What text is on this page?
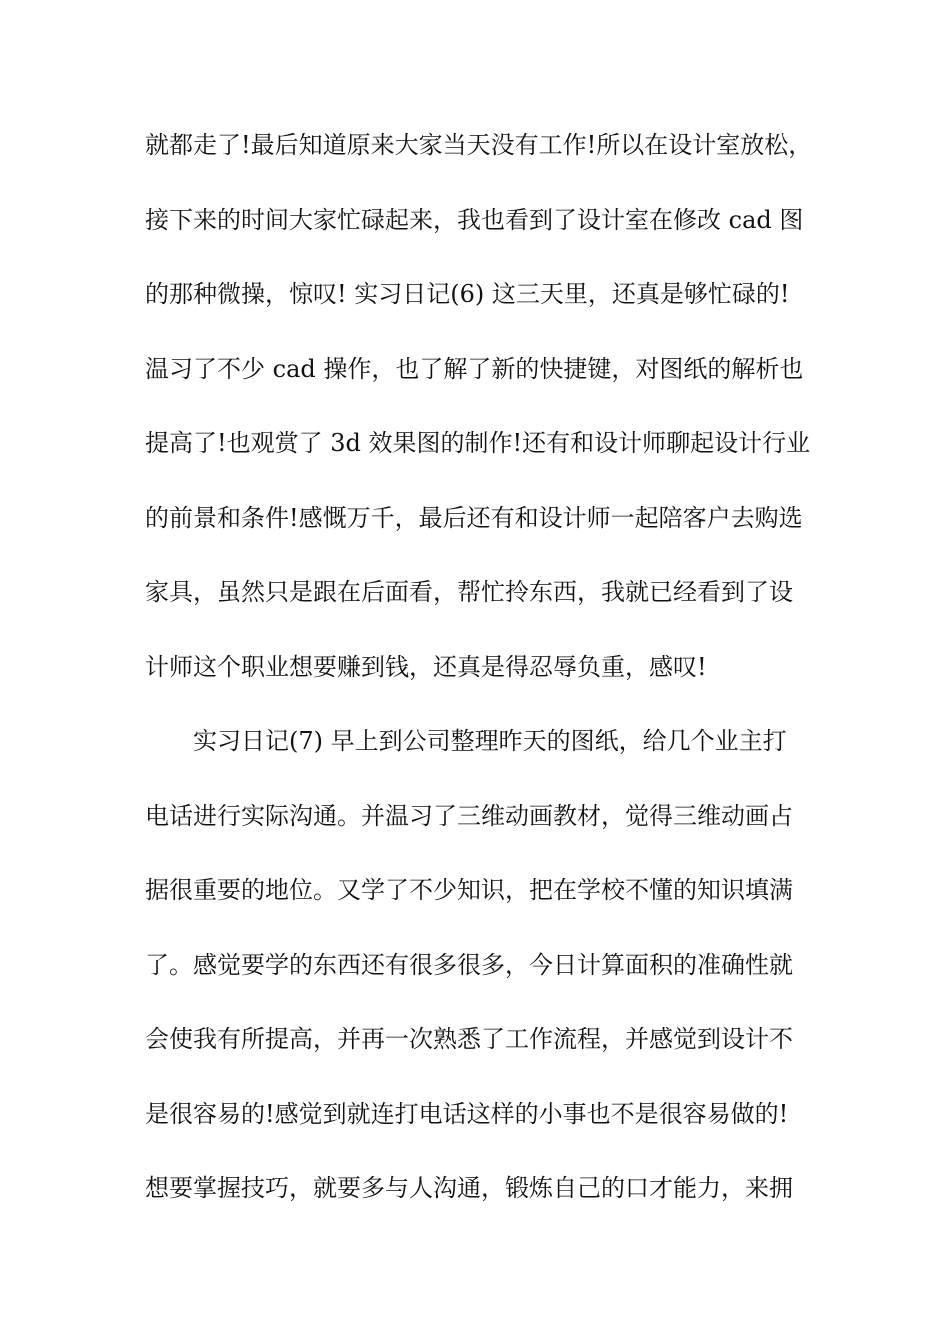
就都走了!最后知道原来大家当天没有工作!所以在设计室放松，
接下来的时间大家忙碌起来，我也看到了设计室在修改 cad 图
的那种微操，惊叹! 实习日记(6) 这三天里，还真是够忙碌的!
温习了不少 cad 操作，也了解了新的快捷键，对图纸的解析也
提高了!也观赏了 3d 效果图的制作!还有和设计师聊起设计行业
的前景和条件!感慨万千，最后还有和设计师一起陪客户去购选
家具，虽然只是跟在后面看，帮忙拎东西，我就已经看到了设
计师这个职业想要赚到钱，还真是得忍辱负重，感叹!
实习日记(7) 早上到公司整理昨天的图纸，给几个业主打
电话进行实际沟通。并温习了三维动画教材，觉得三维动画占
据很重要的地位。又学了不少知识，把在学校不懂的知识填满
了。感觉要学的东西还有很多很多，今日计算面积的准确性就
会使我有所提高，并再一次熟悉了工作流程，并感觉到设计不
是很容易的!感觉到就连打电话这样的小事也不是很容易做的!
想要掌握技巧，就要多与人沟通，锻炼自己的口才能力，来拥
